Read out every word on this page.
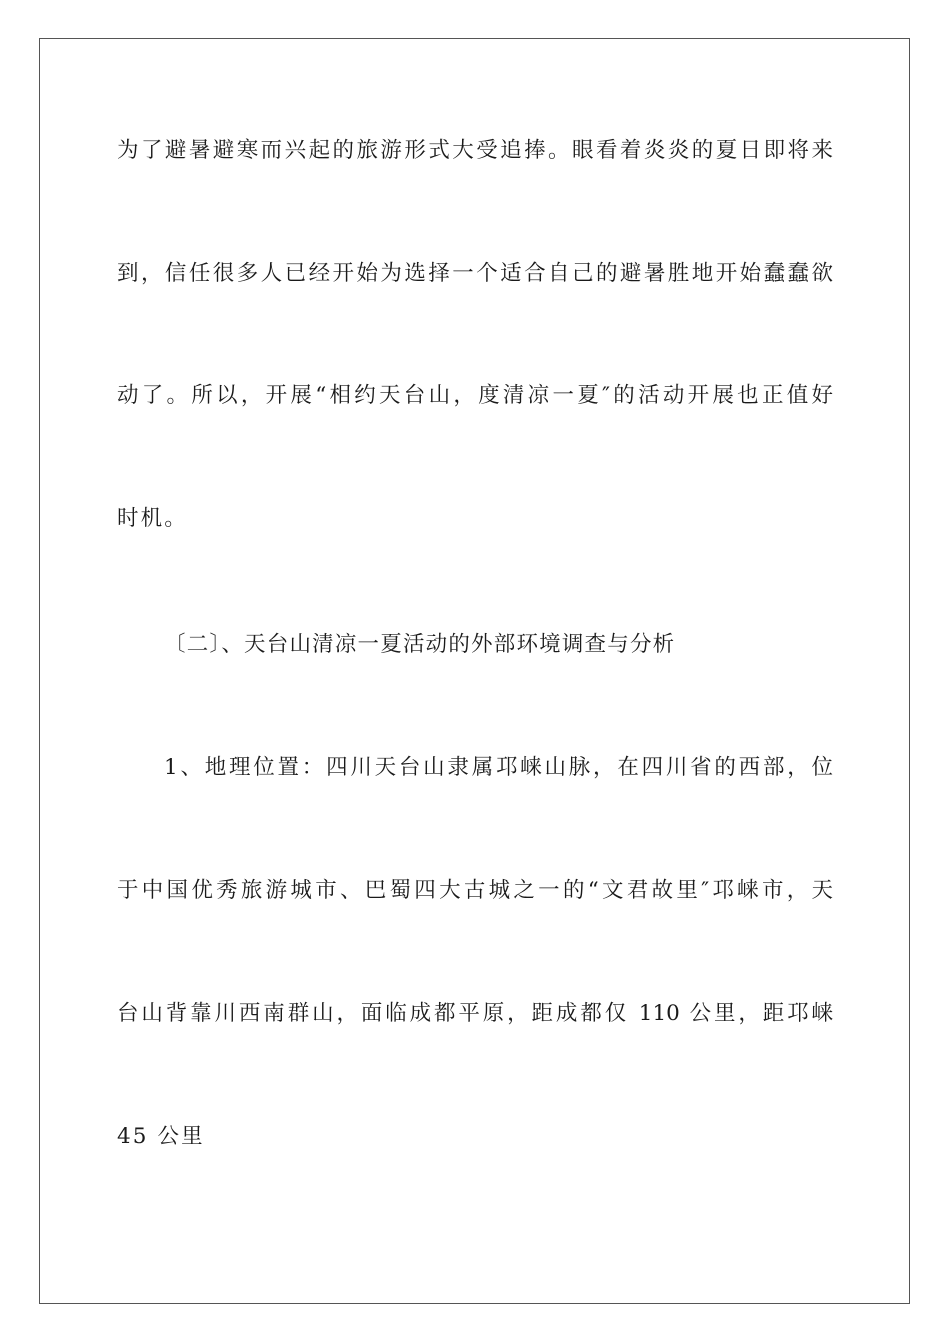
为了避暑避寒而兴起的旅游形式大受追捧。眼看着炎炎的夏日即将来
到，信任很多人已经开始为选择一个适合自己的避暑胜地开始蠢蠢欲
动了。所以，开展“相约天台山，度清凉一夏″的活动开展也正值好
时机。
〔二〕、天台山清凉一夏活动的外部环境调查与分析
1、地理位置：四川天台山隶属邛崃山脉，在四川省的西部，位
于中国优秀旅游城市、巴蜀四大古城之一的“文君故里″邛崃市，天
台山背靠川西南群山，面临成都平原，距成都仅 110 公里，距邛崃
45 公里
